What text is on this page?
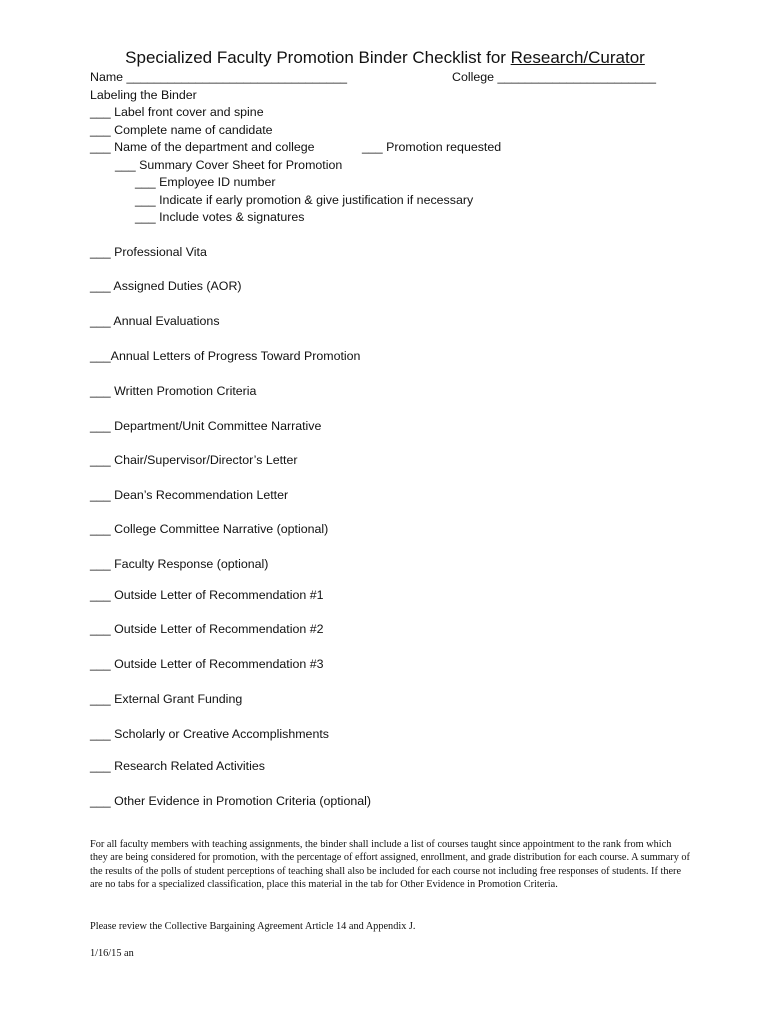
Specialized Faculty Promotion Binder Checklist for Research/Curator
Name ________________________________	College _______________________
Labeling the Binder
___ Label front cover and spine
___ Complete name of candidate
___ Name of the department and college	___ Promotion requested
___ Summary Cover Sheet for Promotion
___ Employee ID number
___ Indicate if early promotion & give justification if necessary
___ Include votes & signatures
___ Professional Vita
___ Assigned Duties (AOR)
___ Annual Evaluations
___Annual Letters of Progress Toward Promotion
___ Written Promotion Criteria
___ Department/Unit Committee Narrative
___ Chair/Supervisor/Director’s Letter
___ Dean’s Recommendation Letter
___ College Committee Narrative (optional)
___ Faculty Response (optional)
___ Outside Letter of Recommendation #1
___ Outside Letter of Recommendation #2
___ Outside Letter of Recommendation #3
___ External Grant Funding
___ Scholarly or Creative Accomplishments
___ Research Related Activities
___ Other Evidence in Promotion Criteria (optional)
For all faculty members with teaching assignments, the binder shall include a list of courses taught since appointment to the rank from which they are being considered for promotion, with the percentage of effort assigned, enrollment, and grade distribution for each course. A summary of the results of the polls of student perceptions of teaching shall also be included for each course not including free responses of students. If there are no tabs for a specialized classification, place this material in the tab for Other Evidence in Promotion Criteria.
Please review the Collective Bargaining Agreement Article 14 and Appendix J.
1/16/15 an
